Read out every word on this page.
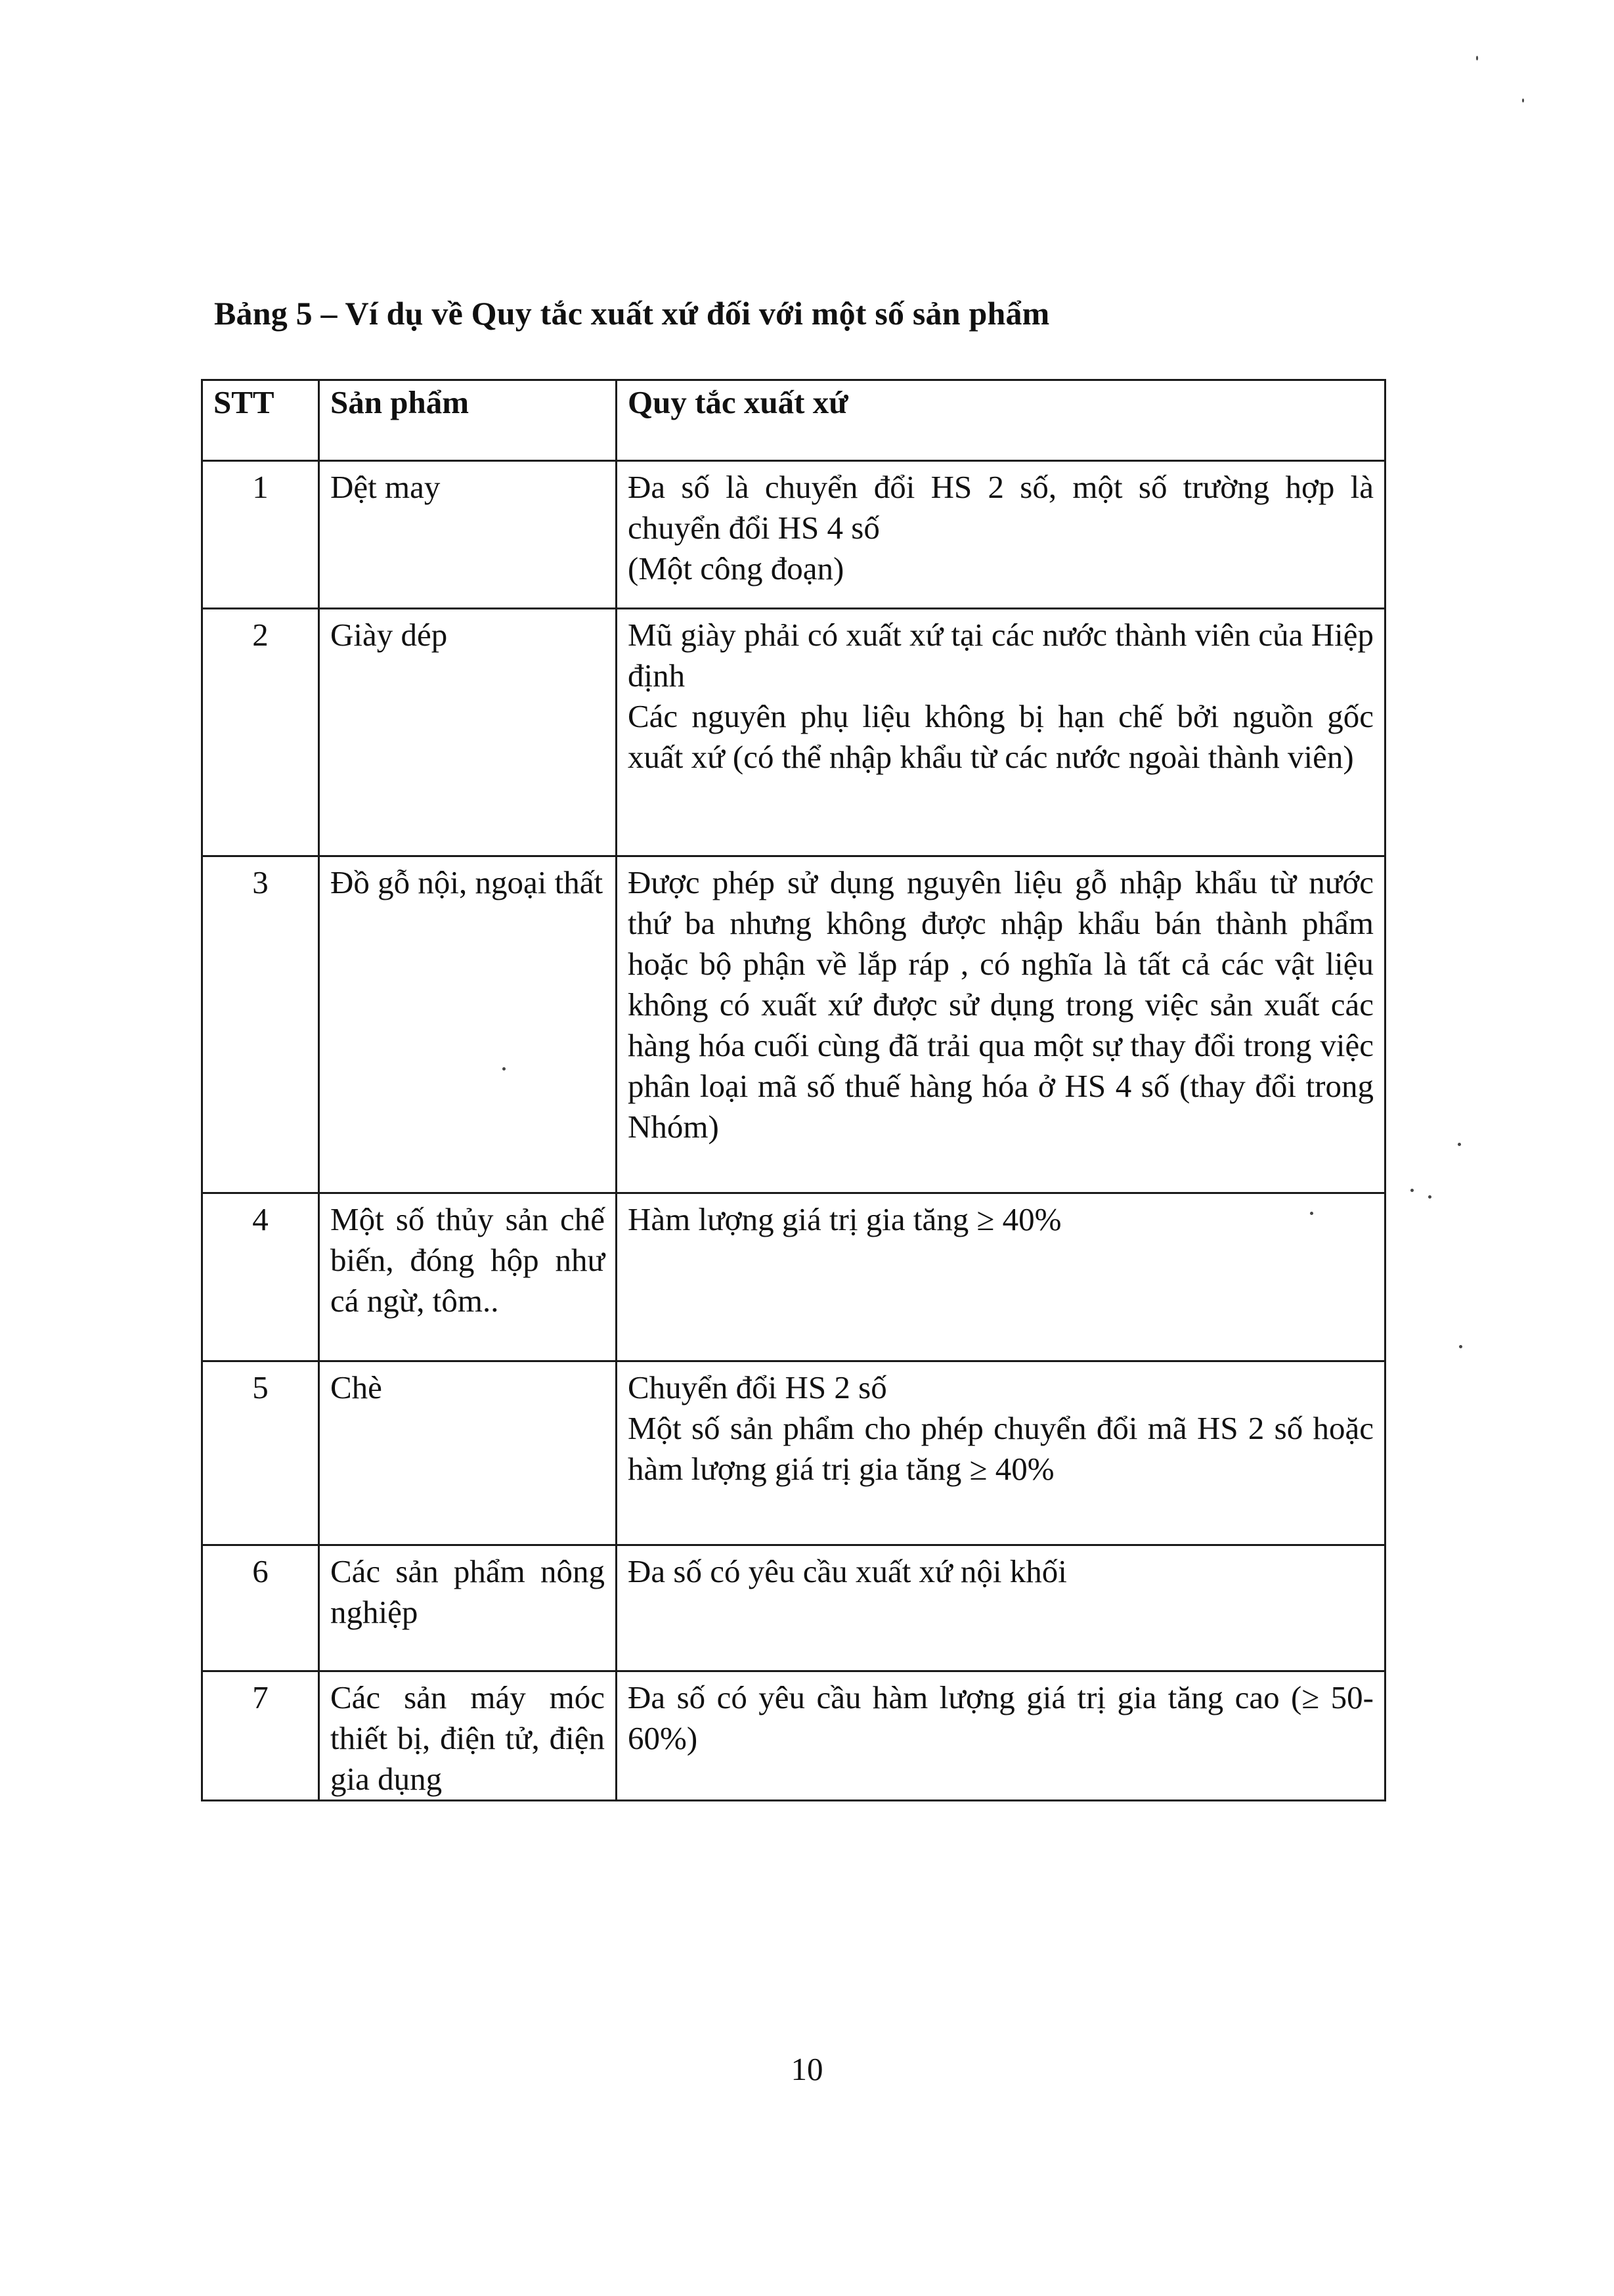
Bảng 5 – Ví dụ về Quy tắc xuất xứ đối với một số sản phẩm
STT	Sản phẩm	Quy tắc xuất xứ
1	Dệt may	Đa số là chuyển đổi HS 2 số, một số trường hợp là chuyển đổi HS 4 số
(Một công đoạn)

2	Giày dép	Mũ giày phải có xuất xứ tại các nước thành viên của Hiệp định
Các nguyên phụ liệu không bị hạn chế bởi nguồn gốc xuất xứ (có thể nhập khẩu từ các nước ngoài thành viên)

3	Đồ gỗ nội, ngoại thất	Được phép sử dụng nguyên liệu gỗ nhập khẩu từ nước thứ ba nhưng không được nhập khẩu bán thành phẩm hoặc bộ phận về lắp ráp , có nghĩa là tất cả các vật liệu không có xuất xứ được sử dụng trong việc sản xuất các hàng hóa cuối cùng đã trải qua một sự thay đổi trong việc phân loại mã số thuế hàng hóa ở HS 4 số (thay đổi trong Nhóm)

4	Một số thủy sản chế biến, đóng hộp như cá ngừ, tôm..	Hàm lượng giá trị gia tăng ≥ 40%

5	Chè	Chuyển đổi HS 2 số
Một số sản phẩm cho phép chuyển đổi mã HS 2 số hoặc hàm lượng giá trị gia tăng ≥ 40%

6	Các sản phẩm nông nghiệp	Đa số có yêu cầu xuất xứ nội khối

7	Các sản máy móc thiết bị, điện tử, điện gia dụng	Đa số có yêu cầu hàm lượng giá trị gia tăng cao (≥ 50-60%)
10
